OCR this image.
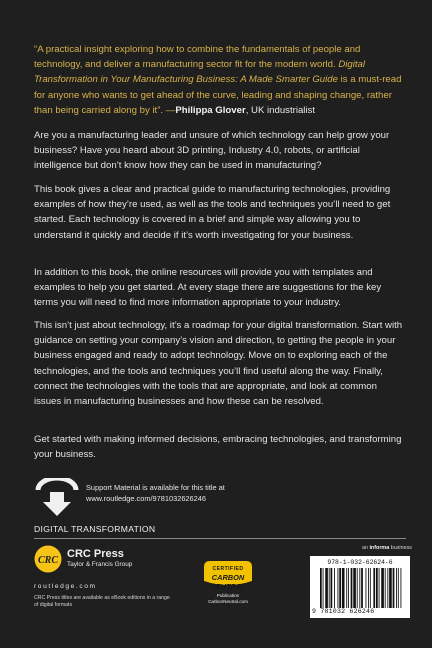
“A practical insight exploring how to combine the fundamentals of people and technology, and deliver a manufacturing sector fit for the modern world. Digital Transformation in Your Manufacturing Business: A Made Smarter Guide is a must-read for anyone who wants to get ahead of the curve, leading and shaping change, rather than being carried along by it”. —Philippa Glover, UK industrialist

Are you a manufacturing leader and unsure of which technology can help grow your business? Have you heard about 3D printing, Industry 4.0, robots, or artificial intelligence but don’t know how they can be used in manufacturing?

This book gives a clear and practical guide to manufacturing technologies, providing examples of how they’re used, as well as the tools and techniques you’ll need to get started. Each technology is covered in a brief and simple way allowing you to understand it quickly and decide if it’s worth investigating for your business.

In addition to this book, the online resources will provide you with templates and examples to help you get started. At every stage there are suggestions for the key terms you will need to find more information appropriate to your industry.

This isn’t just about technology, it’s a roadmap for your digital transformation. Start with guidance on setting your company’s vision and direction, to getting the people in your business engaged and ready to adopt technology. Move on to exploring each of the technologies, and the tools and techniques you’ll find useful along the way. Finally, connect the technologies with the tools that are appropriate, and look at common issues in manufacturing businesses and how these can be resolved.

Get started with making informed decisions, embracing technologies, and transforming your business.

Support Material is available for this title at
www.routledge.com/9781032626246
DIGITAL TRANSFORMATION
CRC
CRC Press
Taylor & Francis Group
routledge.com
CRC Press titles are available as eBook editions in a range of digital formats
CERTIFIED
CARBON NEUTRAL
Publication
CarbonNeutral.com
an informa business
978-1-032-62624-6
9 781032 626246
